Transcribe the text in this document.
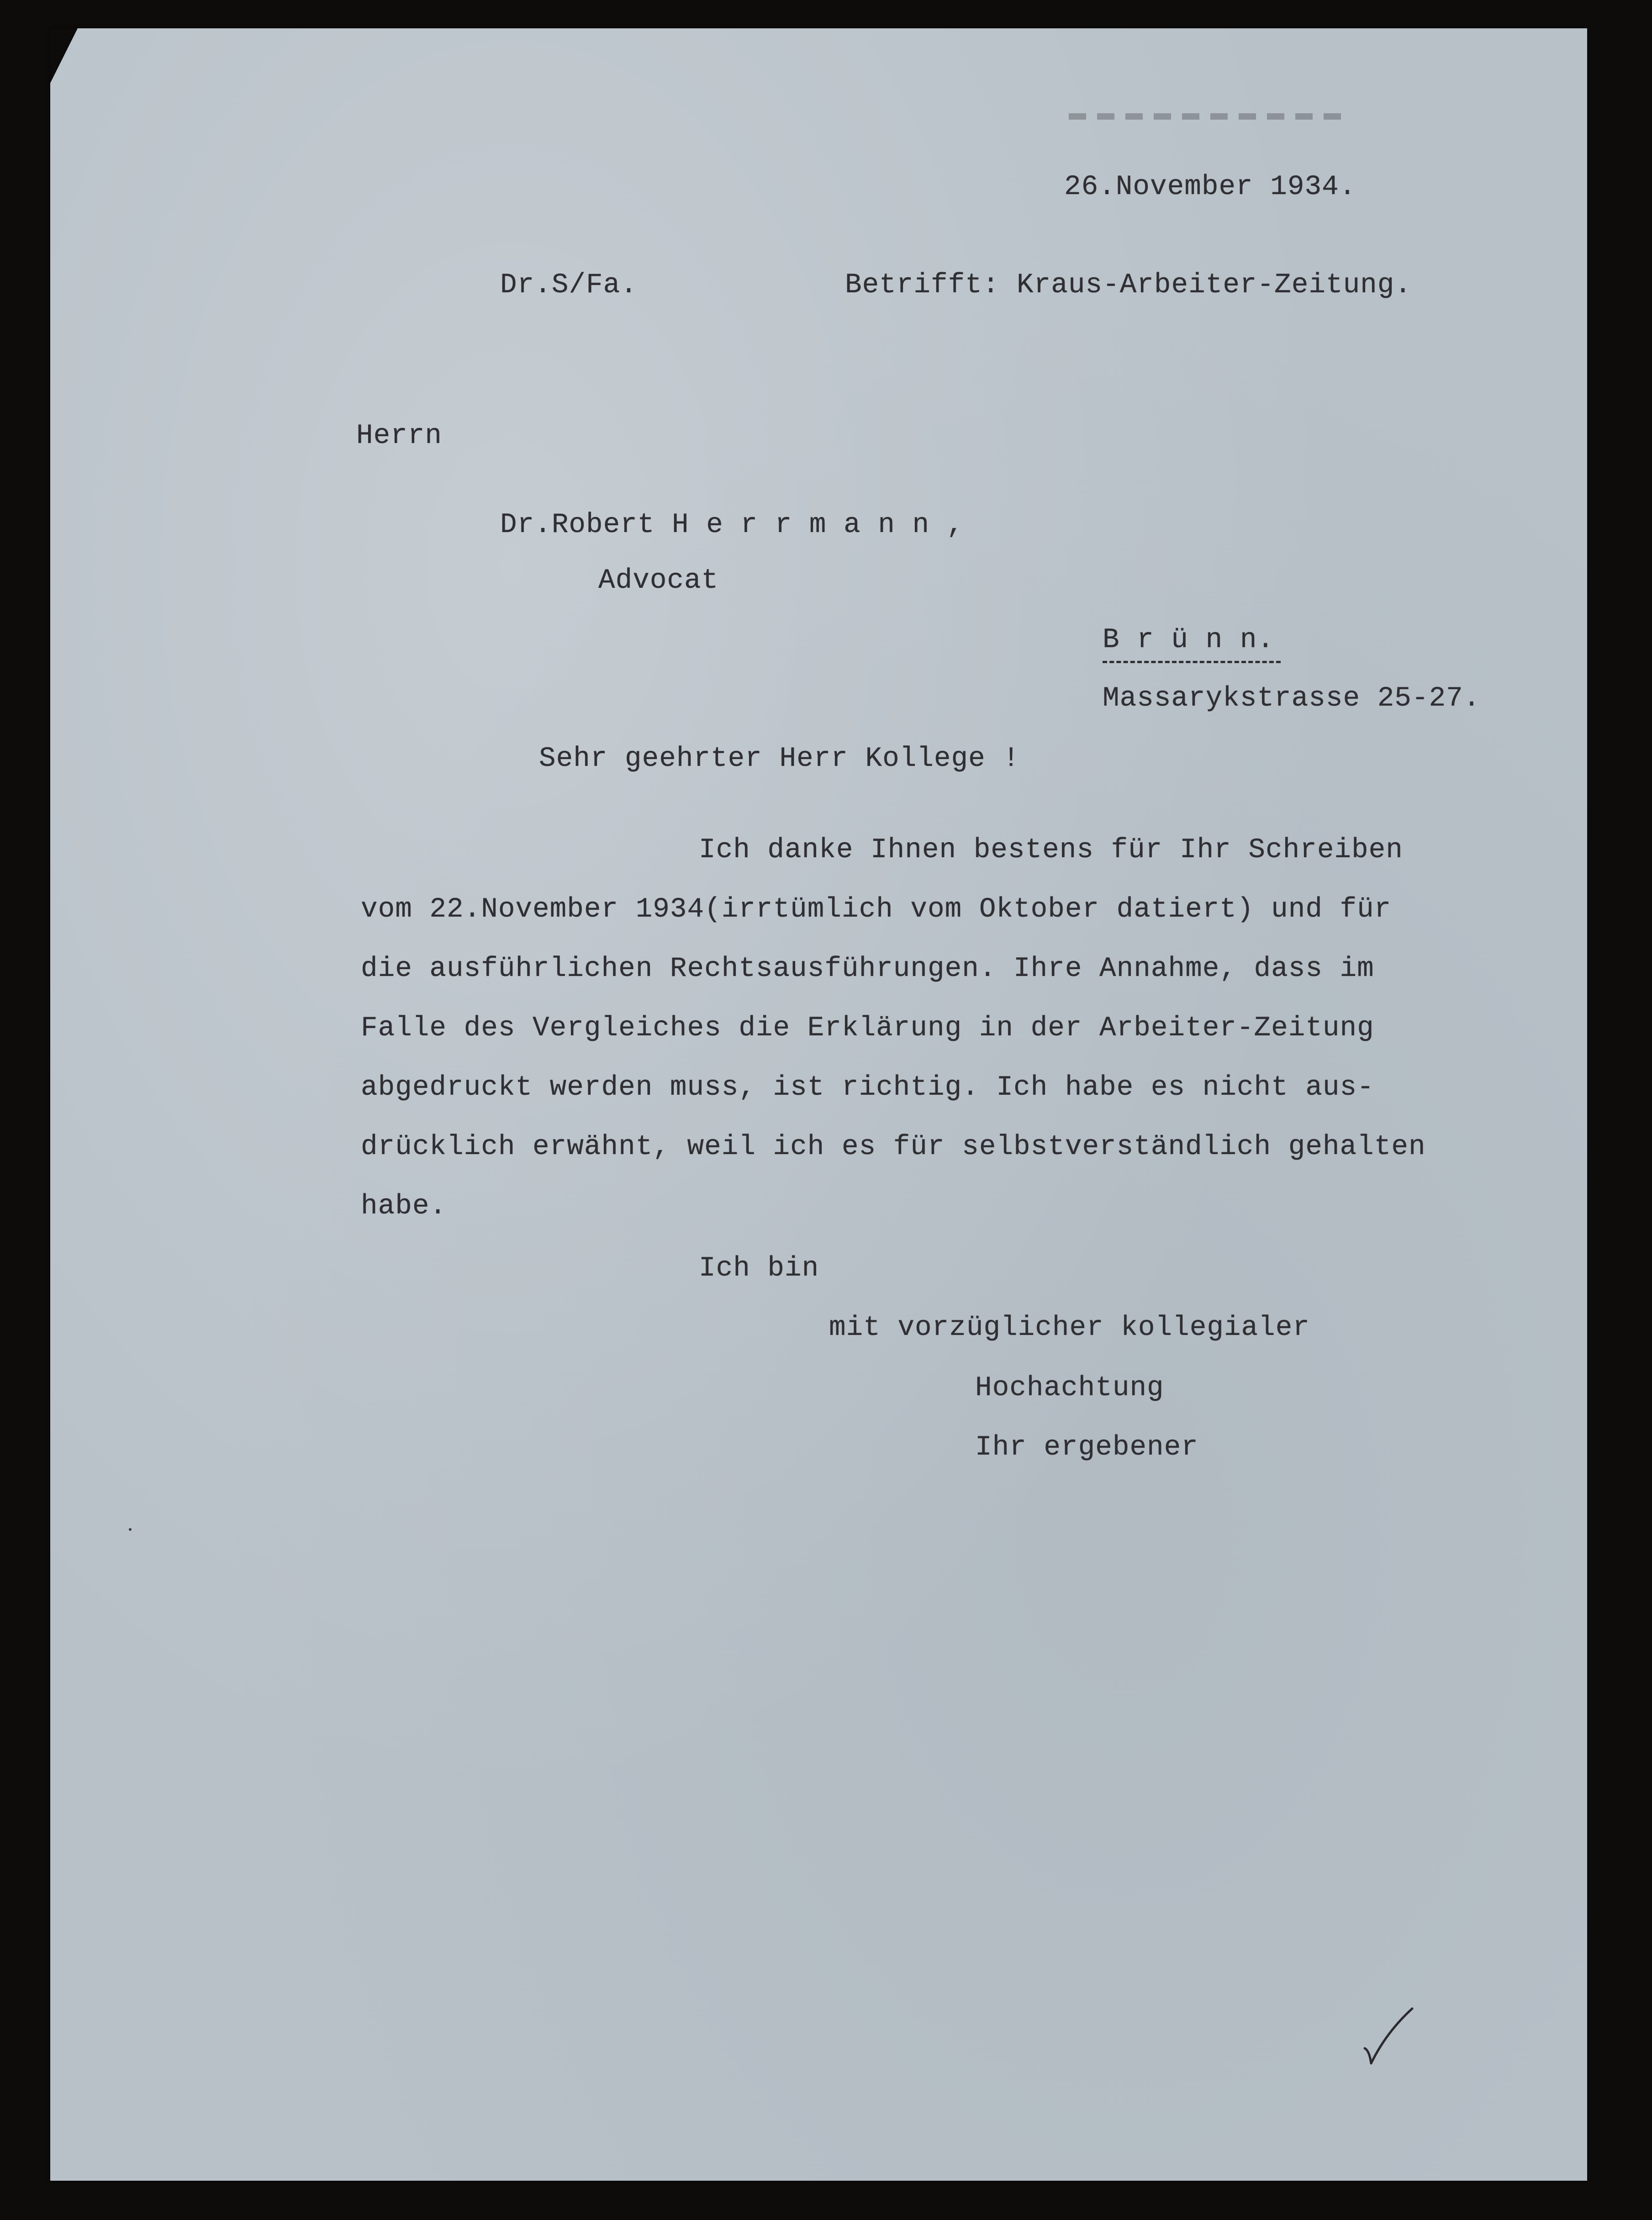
26.November 1934.
Dr.S/Fa.	Betrifft: Kraus-Arbeiter-Zeitung.
Herrn
Dr.Robert H e r r m a n n ,
Advocat
B r ü n n.
Massarykstrasse 25-27.
Sehr geehrter Herr Kollege !
Ich danke Ihnen bestens für Ihr Schreiben
vom 22.November 1934(irrtümlich vom Oktober datiert) und für
die ausführlichen Rechtsausführungen. Ihre Annahme, dass im
Falle des Vergleiches die Erklärung in der Arbeiter-Zeitung
abgedruckt werden muss, ist richtig. Ich habe es nicht aus-
drücklich erwähnt, weil ich es für selbstverständlich gehalten
habe.
Ich bin
mit vorzüglicher kollegialer
Hochachtung
Ihr ergebener
